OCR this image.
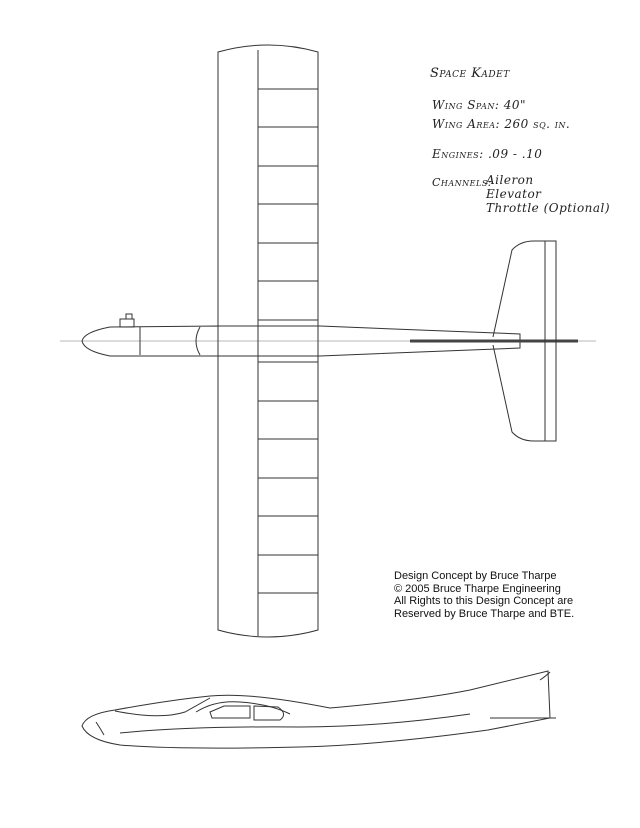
Space Kadet
Wing Span: 40"
Wing Area: 260 sq. in.
Engines: .09 - .10
Channels:
Aileron
Elevator
Throttle (Optional)
Design Concept by Bruce Tharpe
© 2005 Bruce Tharpe Engineering
All Rights to this Design Concept are
Reserved by Bruce Tharpe and BTE.
